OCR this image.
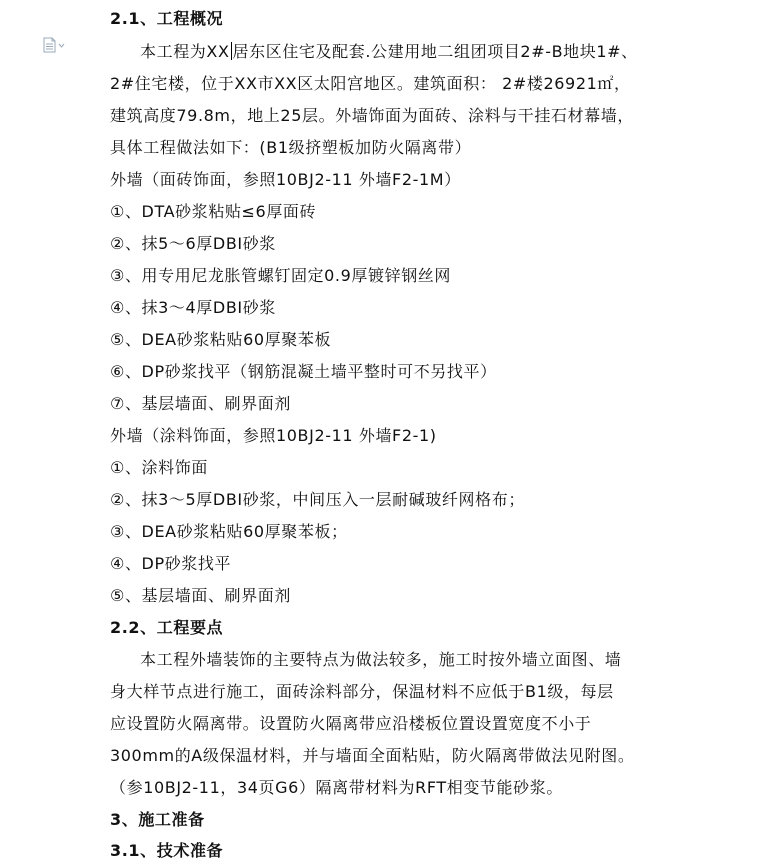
2.1、工程概况
本工程为XX 居东区住宅及配套.公建用地二组团项目2#-B地块1#、
2#住宅楼，位于XX市XX区太阳宫地区。建筑面积： 2#楼26921㎡，
建筑高度79.8m，地上25层。外墙饰面为面砖、涂料与干挂石材幕墙，
具体工程做法如下：(B1级挤塑板加防火隔离带）
外墙（面砖饰面，参照10BJ2-11 外墙F2-1M）
①、DTA砂浆粘贴≤6厚面砖
②、抹5～6厚DBI砂浆
③、用专用尼龙胀管螺钉固定0.9厚镀锌钢丝网
④、抹3～4厚DBI砂浆
⑤、DEA砂浆粘贴60厚聚苯板
⑥、DP砂浆找平（钢筋混凝土墙平整时可不另找平）
⑦、基层墙面、刷界面剂
外墙（涂料饰面，参照10BJ2-11 外墙F2-1)
①、涂料饰面
②、抹3～5厚DBI砂浆，中间压入一层耐碱玻纤网格布；
③、DEA砂浆粘贴60厚聚苯板；
④、DP砂浆找平
⑤、基层墙面、刷界面剂
2.2、工程要点
本工程外墙装饰的主要特点为做法较多，施工时按外墙立面图、墙
身大样节点进行施工，面砖涂料部分，保温材料不应低于B1级，每层
应设置防火隔离带。设置防火隔离带应沿楼板位置设置宽度不小于
300mm的A级保温材料，并与墙面全面粘贴，防火隔离带做法见附图。
（参10BJ2-11，34页G6）隔离带材料为RFT相变节能砂浆。
3、施工准备
3.1、技术准备
